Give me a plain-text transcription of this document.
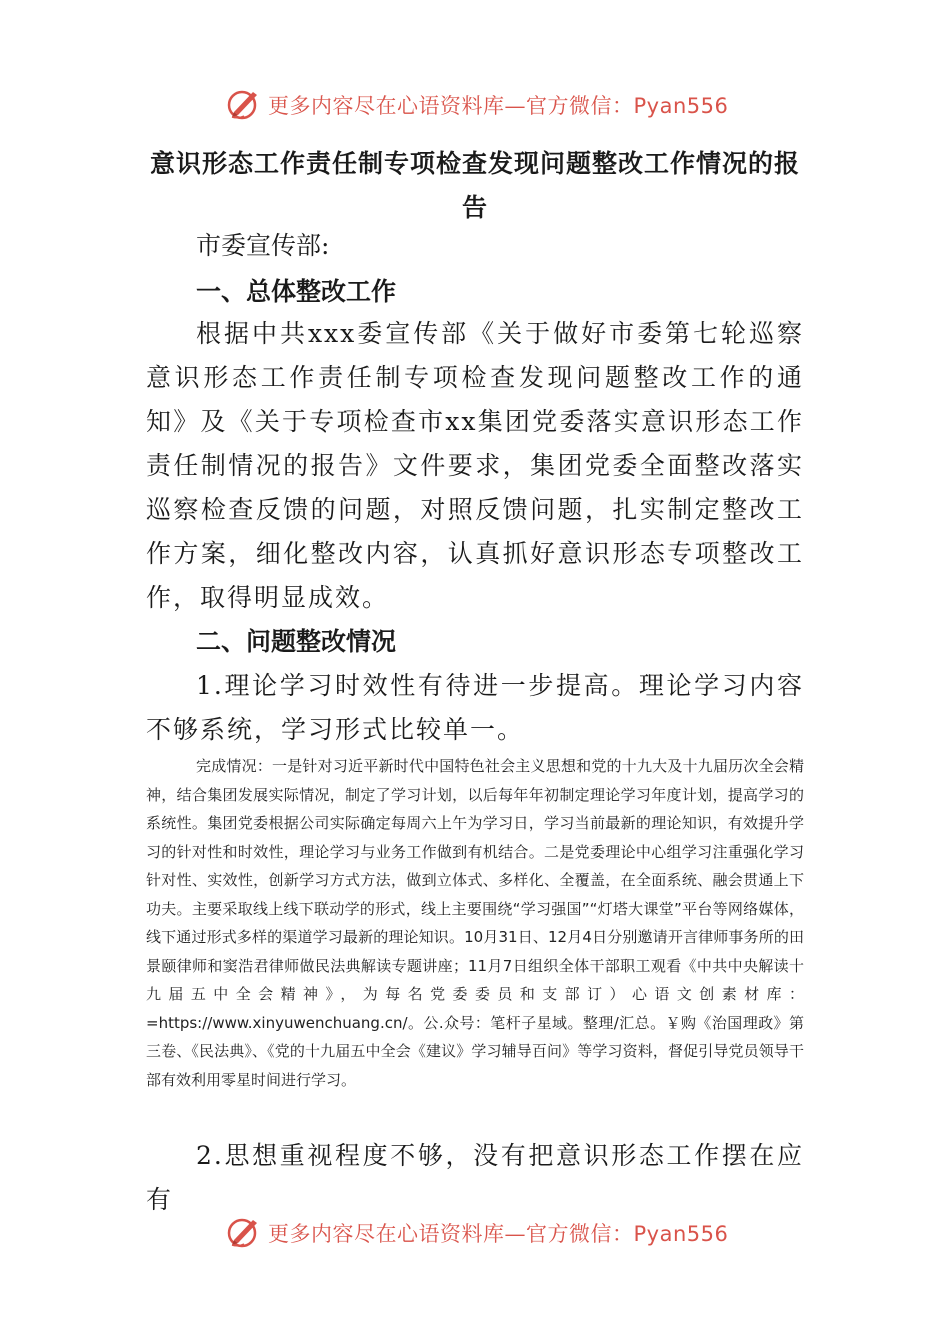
更多内容尽在心语资料库—官方微信：Pyan556
意识形态工作责任制专项检查发现问题整改工作情况的报告
市委宣传部:
一、总体整改工作

根据中共xxx委宣传部《关于做好市委第七轮巡察意识形态工作责任制专项检查发现问题整改工作的通知》及《关于专项检查市xx集团党委落实意识形态工作责任制情况的报告》文件要求，集团党委全面整改落实巡察检查反馈的问题，对照反馈问题，扎实制定整改工作方案，细化整改内容，认真抓好意识形态专项整改工作，取得明显成效。

二、问题整改情况

1.理论学习时效性有待进一步提高。理论学习内容不够系统，学习形式比较单一。

完成情况：一是针对习近平新时代中国特色社会主义思想和党的十九大及十九届历次全会精神，结合集团发展实际情况，制定了学习计划，以后每年年初制定理论学习年度计划，提高学习的系统性。集团党委根据公司实际确定每周六上午为学习日，学习当前最新的理论知识，有效提升学习的针对性和时效性，理论学习与业务工作做到有机结合。二是党委理论中心组学习注重强化学习针对性、实效性，创新学习方式方法，做到立体式、多样化、全覆盖，在全面系统、融会贯通上下功夫。主要采取线上线下联动学的形式，线上主要围绕“学习强国”“灯塔大课堂”平台等网络媒体，线下通过形式多样的渠道学习最新的理论知识。10月31日、12月4日分别邀请开言律师事务所的田景颐律师和窦浩君律师做民法典解读专题讲座；11月7日组织全体干部职工观看《中共中央解读十九届五中全会精神》，为每名党委委员和支部订）心语文创素材库：=https://www.xinyuwenchuang.cn/。公.众号：笔杆子星域。整理/汇总。￥购《治国理政》第三卷、《民法典》、《党的十九届五中全会《建议》学习辅导百问》等学习资料，督促引导党员领导干部有效利用零星时间进行学习。

2.思想重视程度不够，没有把意识形态工作摆在应有

更多内容尽在心语资料库—官方微信：Pyan556
